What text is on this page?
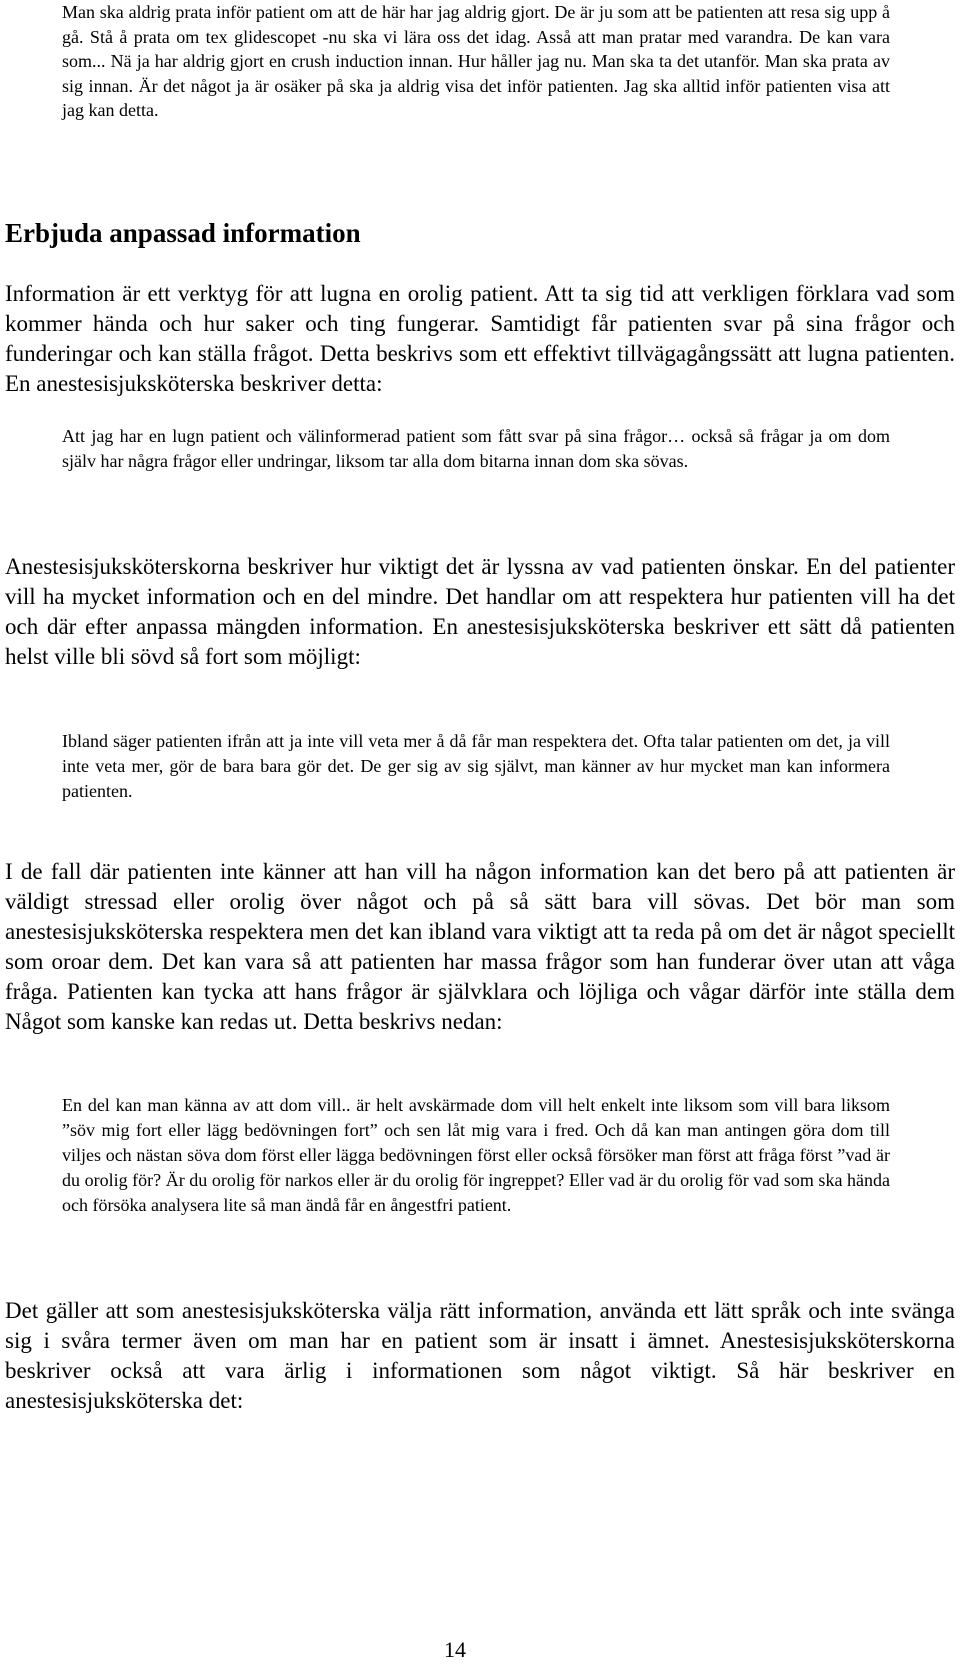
Man ska aldrig prata inför patient om att de här har jag aldrig gjort. De är ju som att be patienten att resa sig upp å gå. Stå å prata om tex glidescopet -nu ska vi lära oss det idag. Asså att man pratar med varandra. De kan vara som... Nä ja har aldrig gjort en crush induction innan. Hur håller jag nu. Man ska ta det utanför. Man ska prata av sig innan. Är det något ja är osäker på ska ja aldrig visa det inför patienten. Jag ska alltid inför patienten visa att jag kan detta.

Erbjuda anpassad information

Information är ett verktyg för att lugna en orolig patient. Att ta sig tid att verkligen förklara vad som kommer hända och hur saker och ting fungerar. Samtidigt får patienten svar på sina frågor och funderingar och kan ställa frågot. Detta beskrivs som ett effektivt tillvägagångssätt att lugna patienten. En anestesisjuksköterska beskriver detta:

Att jag har en lugn patient och välinformerad patient som fått svar på sina frågor… också så frågar ja om dom själv har några frågor eller undringar, liksom tar alla dom bitarna innan dom ska sövas.

Anestesisjuksköterskorna beskriver hur viktigt det är lyssna av vad patienten önskar. En del patienter vill ha mycket information och en del mindre. Det handlar om att respektera hur patienten vill ha det och där efter anpassa mängden information. En anestesisjuksköterska beskriver ett sätt då patienten helst ville bli sövd så fort som möjligt:

Ibland säger patienten ifrån att ja inte vill veta mer å då får man respektera det. Ofta talar patienten om det, ja vill inte veta mer, gör de bara bara gör det. De ger sig av sig självt, man känner av hur mycket man kan informera patienten.

I de fall där patienten inte känner att han vill ha någon information kan det bero på att patienten är väldigt stressad eller orolig över något och på så sätt bara vill sövas. Det bör man som anestesisjuksköterska respektera men det kan ibland vara viktigt att ta reda på om det är något speciellt som oroar dem. Det kan vara så att patienten har massa frågor som han funderar över utan att våga fråga. Patienten kan tycka att hans frågor är självklara och löjliga och vågar därför inte ställa dem Något som kanske kan redas ut. Detta beskrivs nedan:

En del kan man känna av att dom vill.. är helt avskärmade dom vill helt enkelt inte liksom som vill bara liksom ”söv mig fort eller lägg bedövningen fort” och sen låt mig vara i fred. Och då kan man antingen göra dom till viljes och nästan söva dom först eller lägga bedövningen först eller också försöker man först att fråga först ”vad är du orolig för? Är du orolig för narkos eller är du orolig för ingreppet? Eller vad är du orolig för vad som ska hända och försöka analysera lite så man ändå får en ångestfri patient.

Det gäller att som anestesisjuksköterska välja rätt information, använda ett lätt språk och inte svänga sig i svåra termer även om man har en patient som är insatt i ämnet. Anestesisjuksköterskorna beskriver också att vara ärlig i informationen som något viktigt. Så här beskriver en anestesisjuksköterska det:

14
